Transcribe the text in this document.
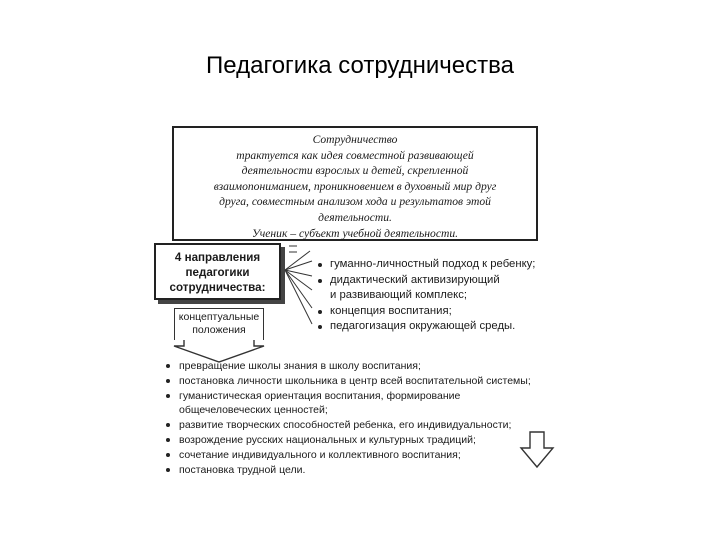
Педагогика сотрудничества
Сотрудничество
трактуется как идея совместной развивающей
деятельности взрослых и детей, скрепленной
взаимопониманием, проникновением в духовный мир друг
друга, совместным анализом хода и результатов этой
деятельности.
Ученик – субъект учебной деятельности.
4 направления
педагогики
сотрудничества:
концептуальные
положения
гуманно-личностный подход к ребенку;
дидактический активизирующий
и развивающий комплекс;
концепция воспитания;
педагогизация окружающей среды.
превращение школы знания в школу воспитания;
постановка личности школьника в центр всей воспитательной системы;
гуманистическая ориентация воспитания, формирование
общечеловеческих ценностей;
развитие творческих способностей ребенка, его индивидуальности;
возрождение русских национальных и культурных традиций;
сочетание индивидуального и коллективного воспитания;
постановка трудной цели.
